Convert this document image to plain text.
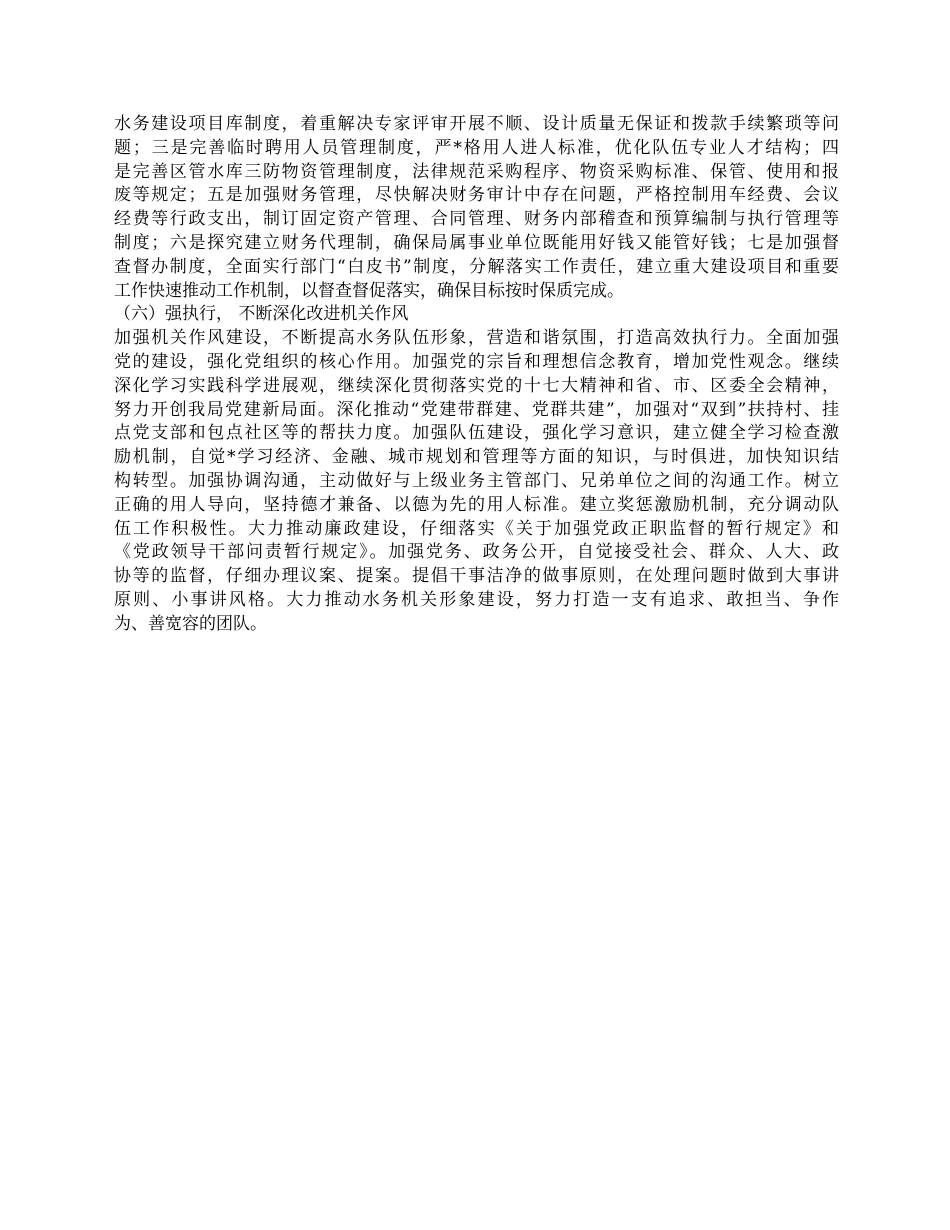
水务建设项目库制度，着重解决专家评审开展不顺、设计质量无保证和拨款手续繁琐等问
题；三是完善临时聘用人员管理制度，严*格用人进人标准，优化队伍专业人才结构；四
是完善区管水库三防物资管理制度，法律规范采购程序、物资采购标准、保管、使用和报
废等规定；五是加强财务管理，尽快解决财务审计中存在问题，严格控制用车经费、会议
经费等行政支出，制订固定资产管理、合同管理、财务内部稽查和预算编制与执行管理等
制度；六是探究建立财务代理制，确保局属事业单位既能用好钱又能管好钱；七是加强督
查督办制度，全面实行部门“白皮书”制度，分解落实工作责任，建立重大建设项目和重要
工作快速推动工作机制，以督查督促落实，确保目标按时保质完成。
（六）强执行， 不断深化改进机关作风
加强机关作风建设，不断提高水务队伍形象，营造和谐氛围，打造高效执行力。全面加强
党的建设，强化党组织的核心作用。加强党的宗旨和理想信念教育，增加党性观念。继续
深化学习实践科学进展观，继续深化贯彻落实党的十七大精神和省、市、区委全会精神，
努力开创我局党建新局面。深化推动“党建带群建、党群共建”，加强对“双到”扶持村、挂
点党支部和包点社区等的帮扶力度。加强队伍建设，强化学习意识，建立健全学习检查激
励机制，自觉*学习经济、金融、城市规划和管理等方面的知识，与时俱进，加快知识结
构转型。加强协调沟通，主动做好与上级业务主管部门、兄弟单位之间的沟通工作。树立
正确的用人导向，坚持德才兼备、以德为先的用人标准。建立奖惩激励机制，充分调动队
伍工作积极性。大力推动廉政建设，仔细落实《关于加强党政正职监督的暂行规定》和
《党政领导干部问责暂行规定》。加强党务、政务公开，自觉接受社会、群众、人大、政
协等的监督，仔细办理议案、提案。提倡干事洁净的做事原则，在处理问题时做到大事讲
原则、小事讲风格。大力推动水务机关形象建设，努力打造一支有追求、敢担当、争作
为、善宽容的团队。
